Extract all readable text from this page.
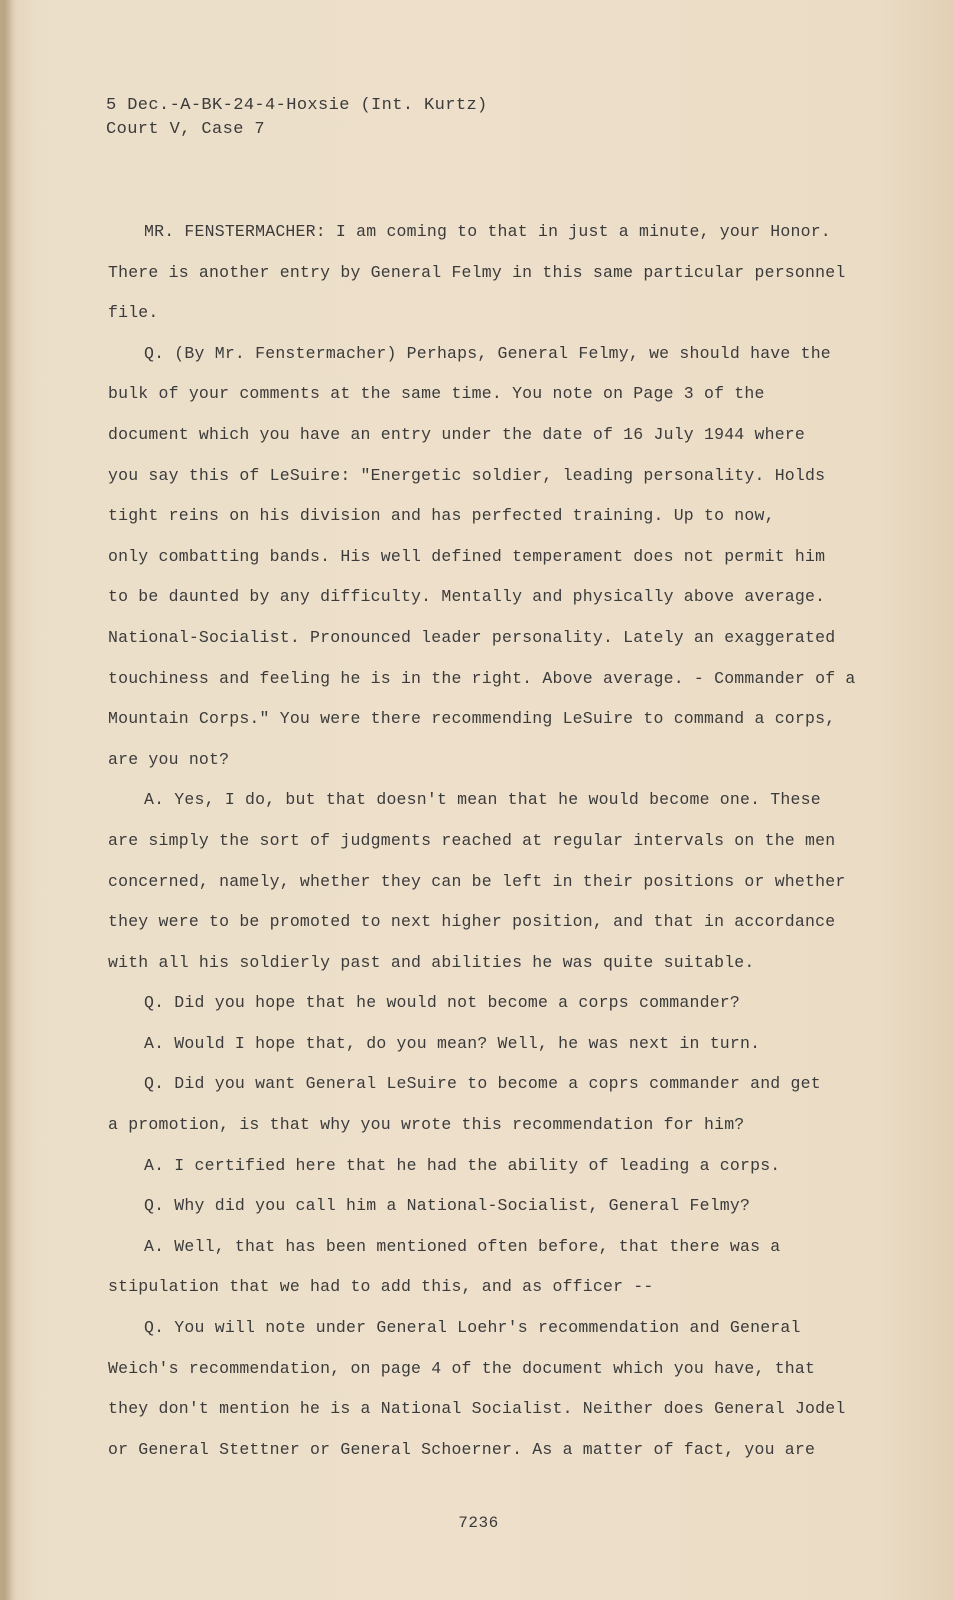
5 Dec.-A-BK-24-4-Hoxsie (Int. Kurtz)
Court V, Case 7
MR. FENSTERMACHER: I am coming to that in just a minute, your Honor.
There is another entry by General Felmy in this same particular personnel
file.
Q. (By Mr. Fenstermacher) Perhaps, General Felmy, we should have the
bulk of your comments at the same time. You note on Page 3 of the
document which you have an entry under the date of 16 July 1944 where
you say this of LeSuire: "Energetic soldier, leading personality. Holds
tight reins on his division and has perfected training. Up to now,
only combatting bands. His well defined temperament does not permit him
to be daunted by any difficulty. Mentally and physically above average.
National-Socialist. Pronounced leader personality. Lately an exaggerated
touchiness and feeling he is in the right. Above average. - Commander of a
Mountain Corps." You were there recommending LeSuire to command a corps,
are you not?
A. Yes, I do, but that doesn't mean that he would become one. These
are simply the sort of judgments reached at regular intervals on the men
concerned, namely, whether they can be left in their positions or whether
they were to be promoted to next higher position, and that in accordance
with all his soldierly past and abilities he was quite suitable.
Q. Did you hope that he would not become a corps commander?
A. Would I hope that, do you mean? Well, he was next in turn.
Q. Did you want General LeSuire to become a coprs commander and get
a promotion, is that why you wrote this recommendation for him?
A. I certified here that he had the ability of leading a corps.
Q. Why did you call him a National-Socialist, General Felmy?
A. Well, that has been mentioned often before, that there was a
stipulation that we had to add this, and as officer --
Q. You will note under General Loehr's recommendation and General
Weich's recommendation, on page 4 of the document which you have, that
they don't mention he is a National Socialist. Neither does General Jodel
or General Stettner or General Schoerner. As a matter of fact, you are
7236
